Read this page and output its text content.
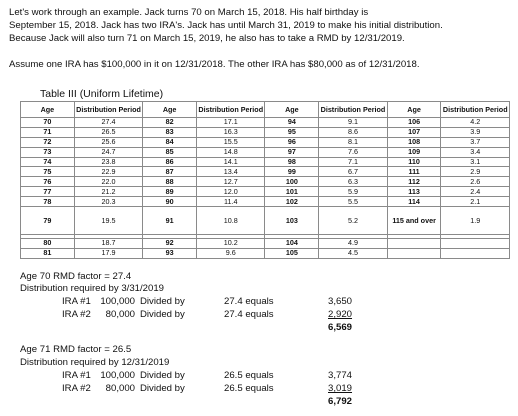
Let's work through an example. Jack turns 70 on March 15, 2018. His half birthday is
September 15, 2018. Jack has two IRA's. Jack has until March 31, 2019 to make his initial distribution.
Because Jack will also turn 71 on March 15, 2019, he also has to take a RMD by 12/31/2019.
Assume one IRA has $100,000 in it on 12/31/2018. The other IRA has $80,000 as of 12/31/2018.
Table III (Uniform Lifetime)
Age	Distribution Period	Age	Distribution Period	Age	Distribution Period	Age	Distribution Period
70	27.4	82	17.1	94	9.1	106	4.2
71	26.5	83	16.3	95	8.6	107	3.9
72	25.6	84	15.5	96	8.1	108	3.7
73	24.7	85	14.8	97	7.6	109	3.4
74	23.8	86	14.1	98	7.1	110	3.1
75	22.9	87	13.4	99	6.7	111	2.9
76	22.0	88	12.7	100	6.3	112	2.6
77	21.2	89	12.0	101	5.9	113	2.4
78	20.3	90	11.4	102	5.5	114	2.1
79	19.5	91	10.8	103	5.2	115 and over	1.9

80	18.7	92	10.2	104	4.9		
81	17.9	93	9.6	105	4.5		
Age 70 RMD factor = 27.4
Distribution required by 3/31/2019
IRA #1 100,000 Divided by	27.4 equals	3,650
IRA #2	80,000 Divided by	27.4 equals	2,920
6,569
Age 71 RMD factor = 26.5
Distribution required by 12/31/2019
IRA #1 100,000 Divided by	26.5 equals	3,774
IRA #2	80,000 Divided by	26.5 equals	3,019
6,792
